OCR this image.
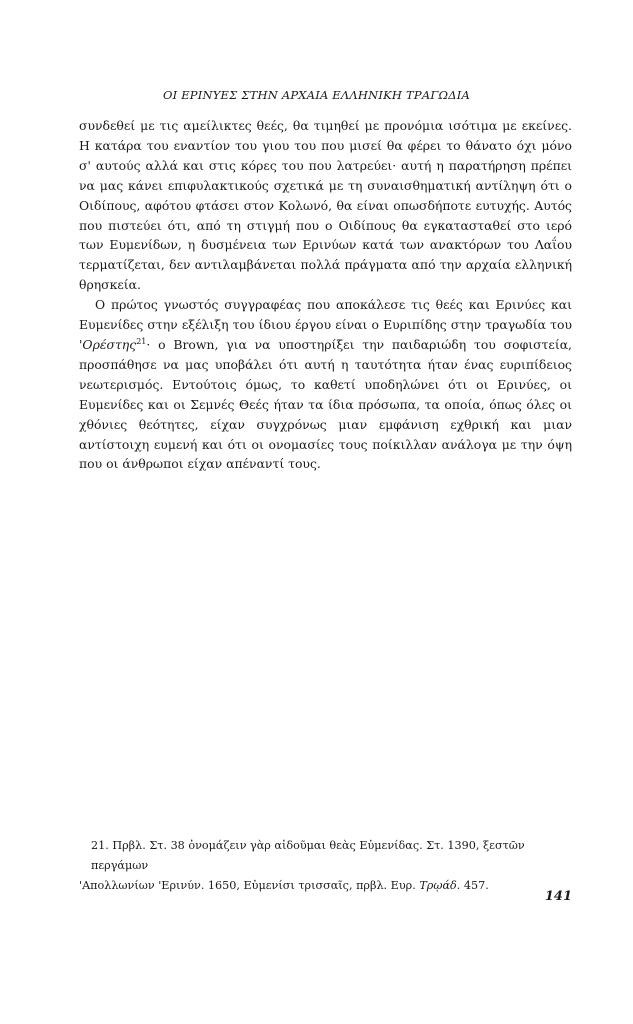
ΟΙ ΕΡΙΝΥΕΣ ΣΤΗΝ ΑΡΧΑΙΑ ΕΛΛΗΝΙΚΗ ΤΡΑΓΩΔΙΑ

συνδεθεί με τις αμείλικτες θεές, θα τιμηθεί με προνόμια ισότιμα με εκείνες. Η κατάρα του εναντίον του γιου του που μισεί θα φέρει το θάνατο όχι μόνο σ' αυτούς αλλά και στις κόρες του που λατρεύει· αυτή η παρατήρηση πρέπει να μας κάνει επιφυλακτικούς σχετικά με τη συναισθηματική αντίληψη ότι ο Οιδίπους, αφότου φτάσει στον Κολωνό, θα είναι οπωσδήποτε ευτυχής. Αυτός που πιστεύει ότι, από τη στιγμή που ο Οιδίπους θα εγκατασταθεί στο ιερό των Ευμενίδων, η δυσμένεια των Ερινύων κατά των ανακτόρων του Λαΐου τερματίζεται, δεν αντιλαμβάνεται πολλά πράγματα από την αρχαία ελληνική θρησκεία.

Ο πρώτος γνωστός συγγραφέας που αποκάλεσε τις θεές και Ερινύες και Ευμενίδες στην εξέλιξη του ίδιου έργου είναι ο Ευριπίδης στην τραγωδία του 'Ορέστης$^{21}$· ο Brown, για να υποστηρίξει την παιδαριώδη του σοφιστεία, προσπάθησε να μας υποβάλει ότι αυτή η ταυτότητα ήταν ένας ευριπίδειος νεωτερισμός. Εντούτοις όμως, το καθετί υποδηλώνει ότι οι Ερινύες, οι Ευμενίδες και οι Σεμνές Θεές ήταν τα ίδια πρόσωπα, τα οποία, όπως όλες οι χθόνιες θεότητες, είχαν συγχρόνως μιαν εμφάνιση εχθρική και μιαν αντίστοιχη ευμενή και ότι οι ονομασίες τους ποίκιλλαν ανάλογα με την όψη που οι άνθρωποι είχαν απέναντί τους.

21. Πρβλ. Στ. 38 ὀνομάζειν γὰρ αἰδοῦμαι θεὰς Εὐμενίδας. Στ. 1390, ξεστῶν περγάμων
'Απολλωνίων 'Ερινύν. 1650, Εὐμενίσι τρισσαῖς, πρβλ. Ευρ. Τρῳάδ. 457.
141
